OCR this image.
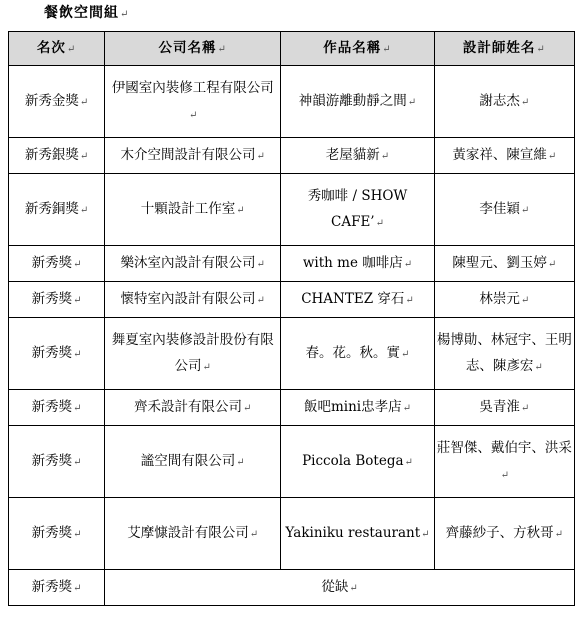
餐飲空間組↵
名次↵	公司名稱↵	作品名稱↵	設計師姓名↵
新秀金獎↵	伊國室內裝修工程有限公司↵	神韻游離動靜之間↵	謝志杰↵
新秀銀獎↵	木介空間設計有限公司↵	老屋貓新↵	黃家祥、陳宣維↵
新秀銅獎↵	十顆設計工作室↵	秀咖啡 / SHOW CAFE’↵	李佳穎↵
新秀獎↵	樂沐室內設計有限公司↵	with me 咖啡店↵	陳聖元、劉玉婷↵
新秀獎↵	懷特室內設計有限公司↵	CHANTEZ 穿石↵	林崇元↵
新秀獎↵	舞夏室內裝修設計股份有限公司↵	春。花。秋。實↵	楊博勛、林冠宇、王明志、陳彥宏↵
新秀獎↵	齊禾設計有限公司↵	飯吧mini忠孝店↵	吳青淮↵
新秀獎↵	謐空間有限公司↵	Piccola Botega↵	莊智傑、戴伯宇、洪采↵
新秀獎↵	艾摩慷設計有限公司↵	Yakiniku restaurant↵	齊藤紗子、方秋哥↵
新秀獎↵	從缺↵		
